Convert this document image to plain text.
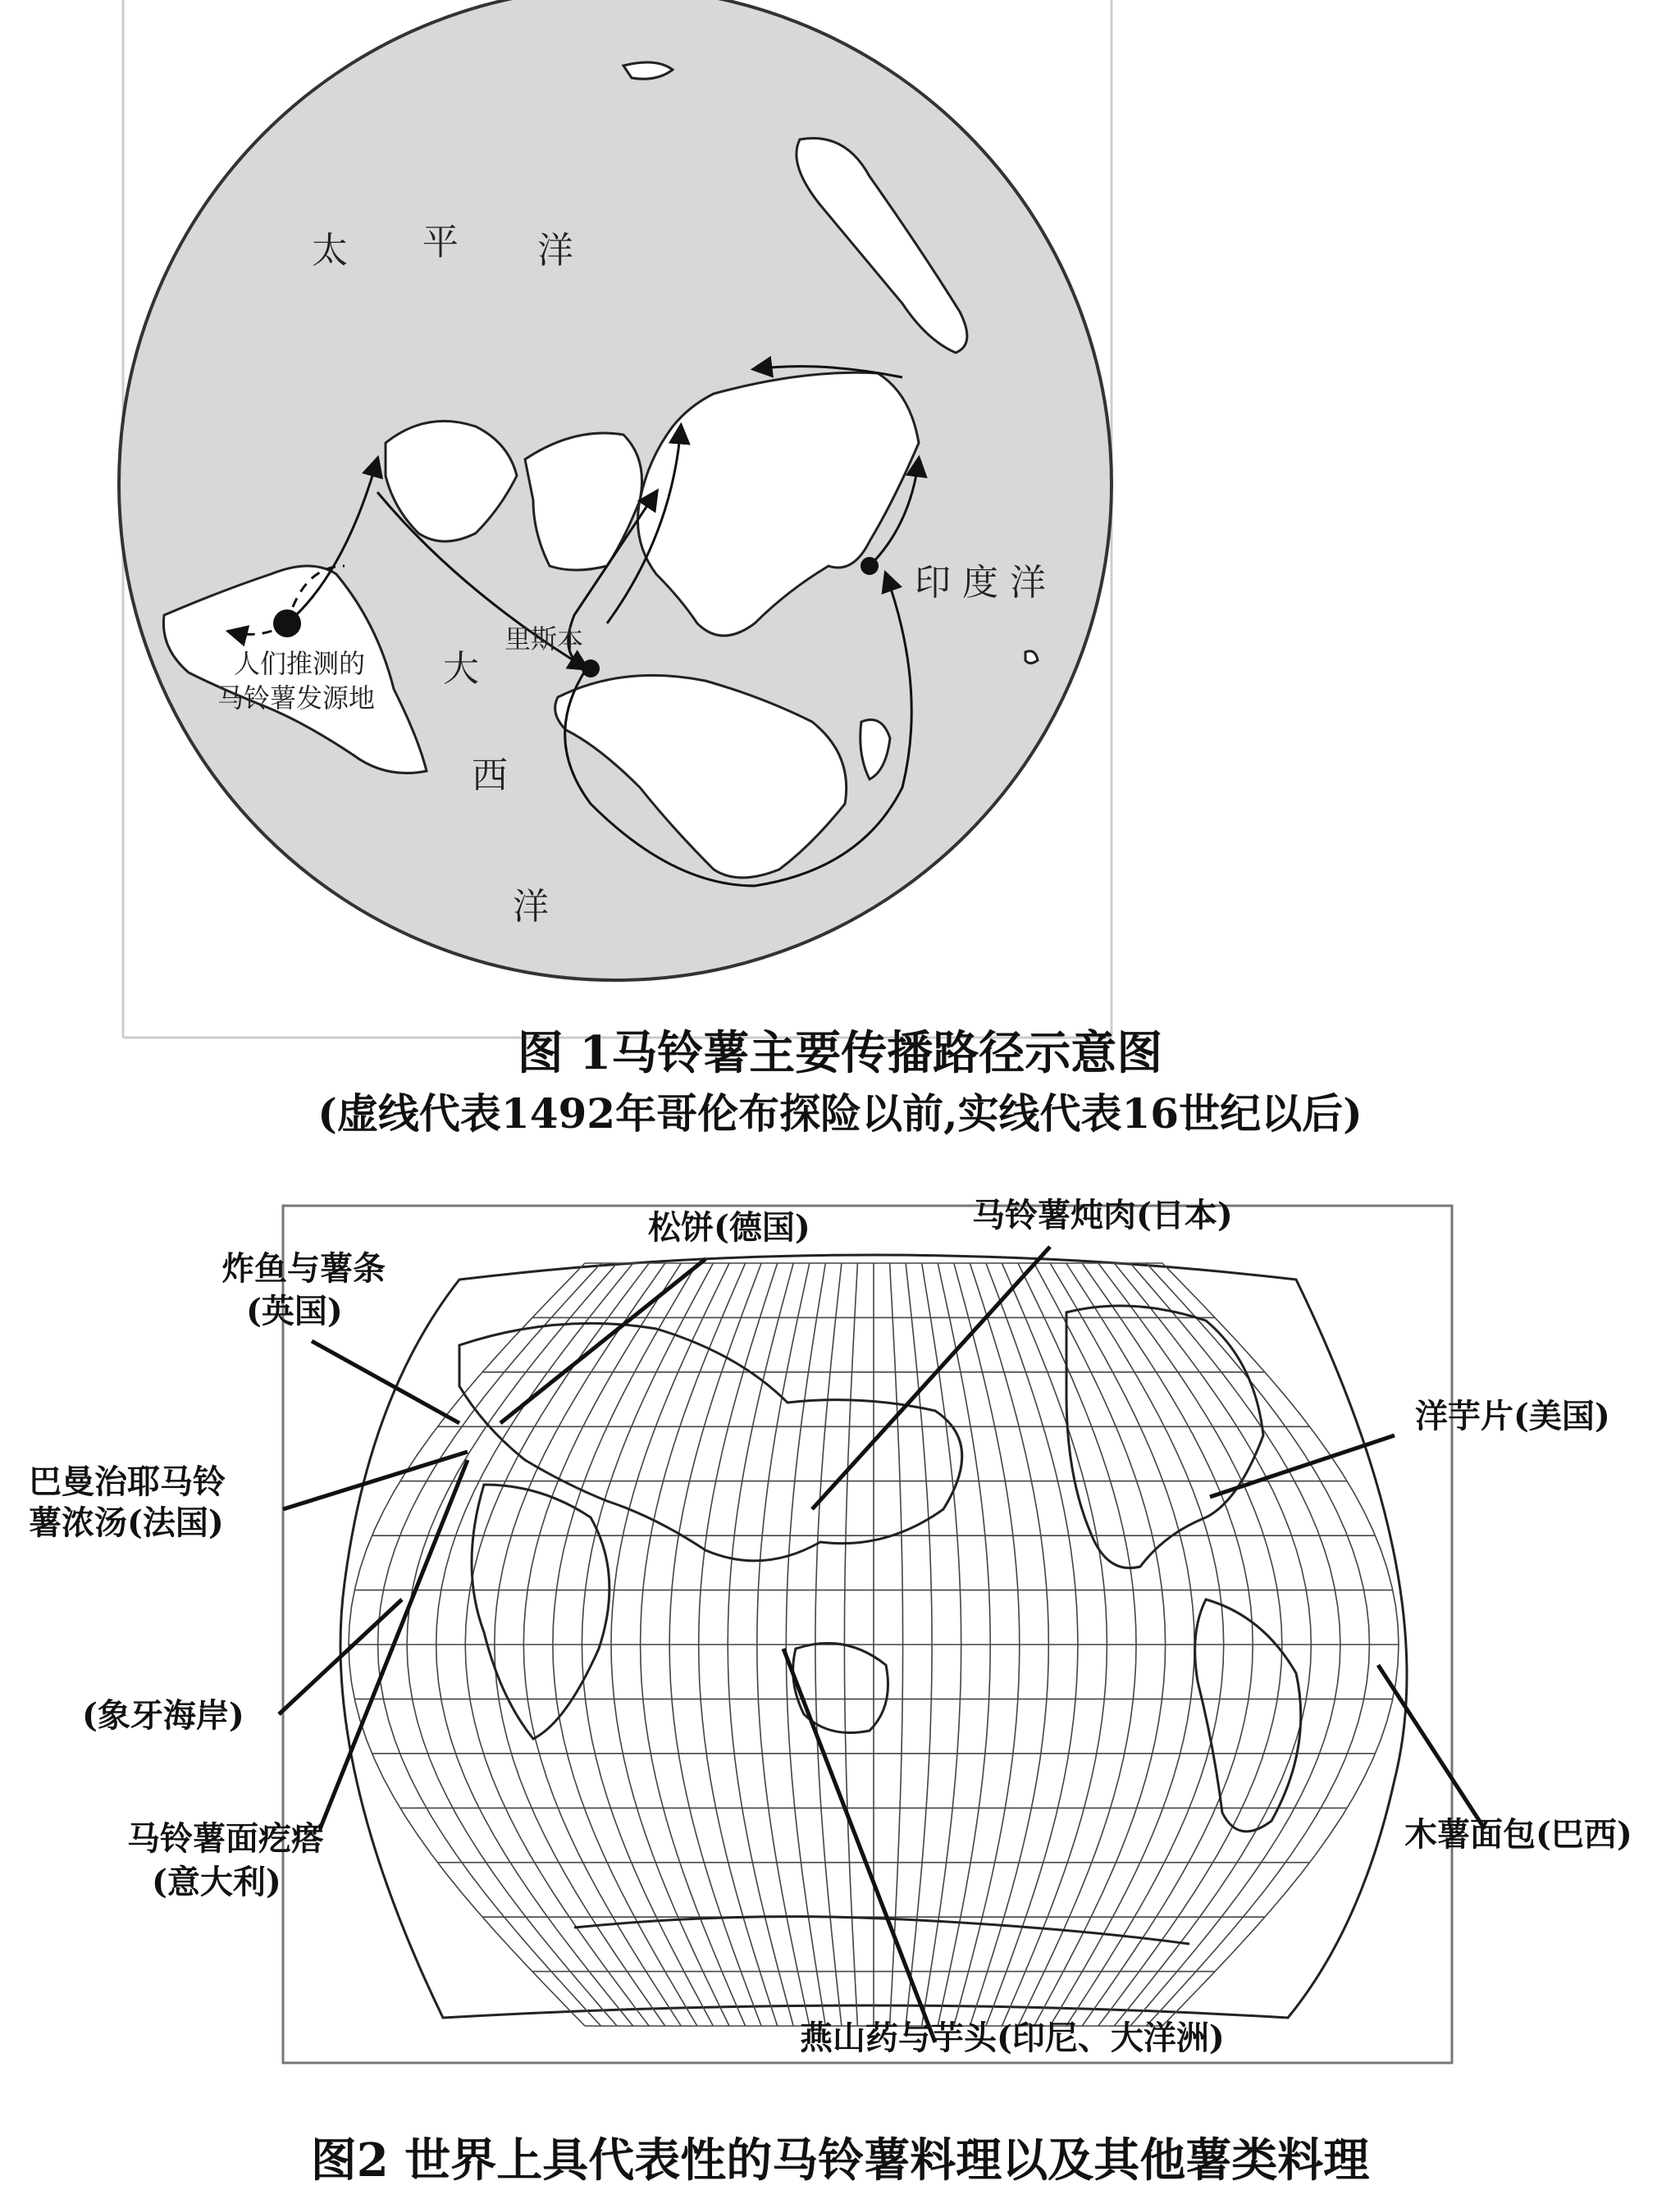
太 平 洋
大
西
洋
印 度 洋
里斯本
人们推测的
马铃薯发源地
图 1马铃薯主要传播路径示意图
(虚线代表1492年哥伦布探险以前,实线代表16世纪以后)
炸鱼与薯条
(英国)
松饼(德国)	马铃薯炖肉(日本)
洋芋片(美国)
巴曼治耶马铃
薯浓汤(法国)
(象牙海岸)
马铃薯面疙瘩
(意大利)
木薯面包(巴西)
燕山药与芋头(印尼、大洋洲)
图2 世界上具代表性的马铃薯料理以及其他薯类料理
